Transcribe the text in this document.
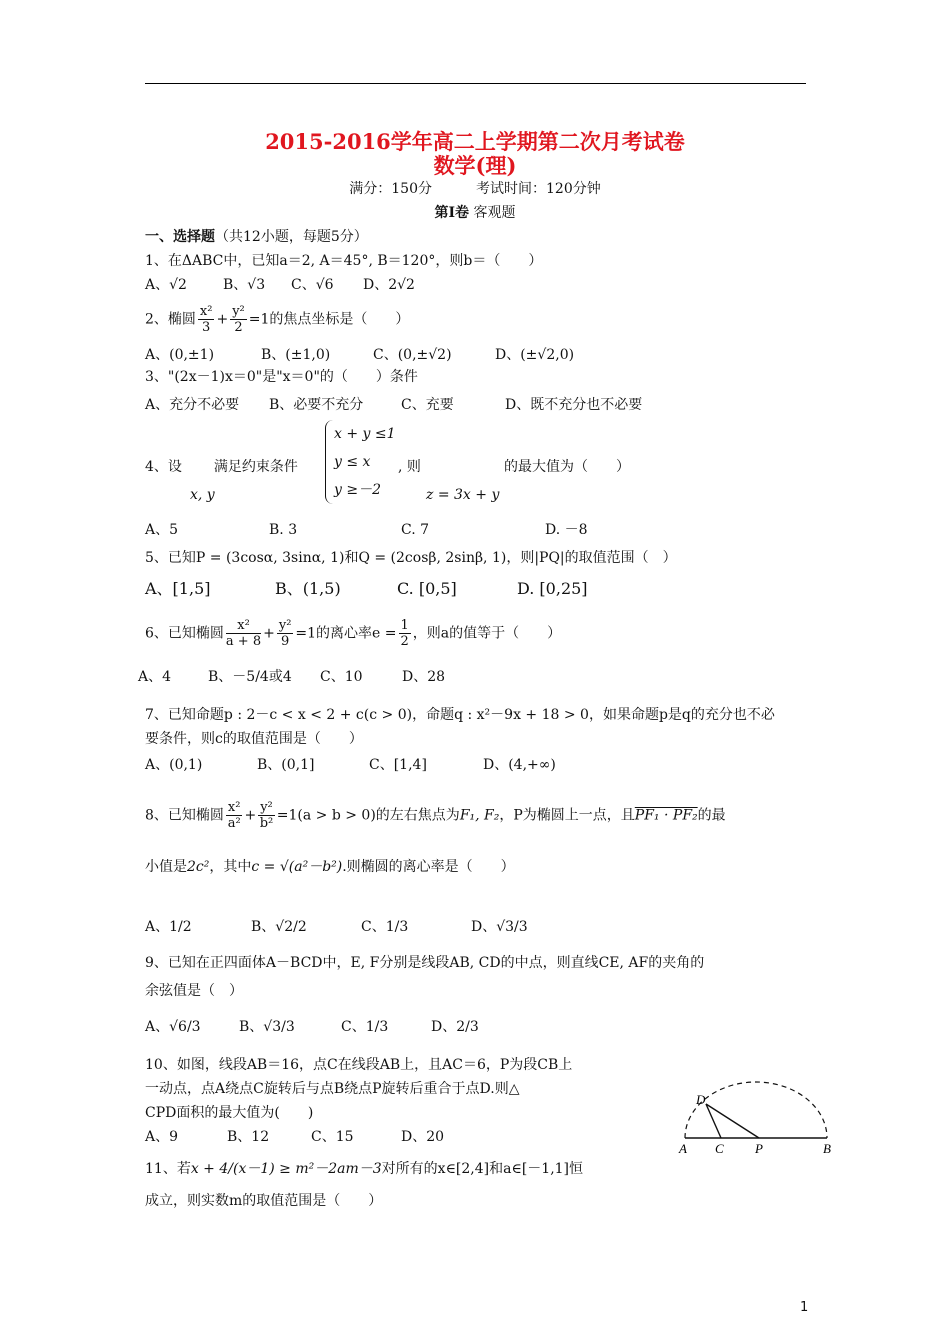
2015-2016学年高二上学期第二次月考试卷
数学(理)
满分：150分	考试时间：120分钟
第Ⅰ卷 客观题
一、选择题（共12小题，每题5分）
1、在ΔABC中，已知a＝2, A＝45°, B＝120°，则b＝（　　）
A、√2	B、√3 C、√6 D、2√2
2、椭圆 $\frac{\text{x²}}{3} + \frac{\text{y²}}{2} =1$的焦点坐标是（　　）
A、(0,±1)	B、(±1,0)	C、(0,±√2)	D、(±√2,0)
3、"(2x－1)x＝0"是"x＝0"的（　　）条件
A、充分不必要 B、必要不充分	C、充要	D、既不充分也不必要
4、设 满足约束条件
x, y
x + y ≤1
y ≤ x
y ≥－2
, 则	的最大值为（　　）
z = 3x + y
A、5	B. 3	C. 7	D. －8
5、已知P = (3cosα, 3sinα, 1)和Q = (2cosβ, 2sinβ, 1)，则|PQ|的取值范围（　）
A、[1,5]	B、(1,5)	C. [0,5]	D. [0,25]
6、已知椭圆 $\frac{\text{x²}}{a + 8} + \frac{\text{y²}}{9} =1$的离心率$e = \frac{1}{2}$ ，则a的值等于（　　）
A、4	B、－5/4或4 C、10	D、28
7、已知命题p : 2－c < x < 2 + c(c > 0)，命题q : x²－9x + 18 > 0，如果命题p是q的充分也不必
要条件，则c的取值范围是（　　）
A、(0,1)	B、(0,1]	C、[1,4]	D、(4,+∞)
8、已知椭圆 $\frac{\text{x²}}{\text{a²}} + \frac{\text{y²}}{\text{b²}} =1(a > b > 0)$的左右焦点为F₁, F₂，P为椭圆上一点，且PF₁ · PF₂的最
小值是2c²，其中c = √(a²－b²).则椭圆的离心率是（　　）
A、1/2	B、√2/2	C、1/3	D、√3/3
9、已知在正四面体A－BCD中，E, F分别是线段AB, CD的中点，则直线CE, AF的夹角的
余弦值是（　）
A、√6/3	B、√3/3	C、1/3	D、2/3
10、如图，线段AB＝16，点C在线段AB上，且AC＝6，P为段CB上
一动点，点A绕点C旋转后与点B绕点P旋转后重合于点D.则△
CPD面积的最大值为(　　)
A、9	B、12	C、15	D、20
D
A C P	B
11、若x + 4/(x－1) ≥ m²－2am－3对所有的x∈[2,4]和a∈[－1,1]恒
成立，则实数m的取值范围是（　　）
1
